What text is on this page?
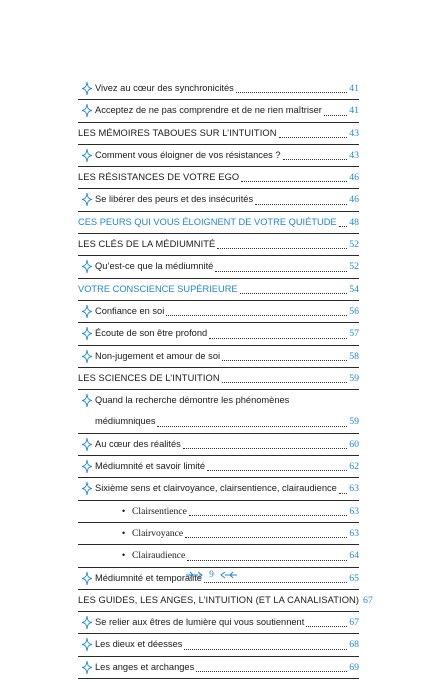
Vivez au cœur des synchronicités	41
Acceptez de ne pas comprendre et de ne rien maîtriser	41
LES MÉMOIRES TABOUES SUR L’INTUITION	43
Comment vous éloigner de vos résistances ?	43
LES RÉSISTANCES DE VOTRE EGO	46
Se libérer des peurs et des insécurités	46
CES PEURS QUI VOUS ÉLOIGNENT DE VOTRE QUIÉTUDE 48
LES CLÉS DE LA MÉDIUMNITÉ	52
Qu’est-ce que la médiumnité	52
VOTRE CONSCIENCE SUPÉRIEURE	54
Confiance en soi	56
Écoute de son être profond	57
Non-jugement et amour de soi	58
LES SCIENCES DE L’INTUITION	59
Quand la recherche démontre les phénomènes
médiumniques	59
Au cœur des réalités	60
Médiumnité et savoir limité	62
Sixième sens et clairvoyance, clairsentience, clairaudience 63
• Clairsentience	63
• Clairvoyance	63
• Clairaudience	64
Médiumnité et temporalité	65
LES GUIDES, LES ANGES, L’INTUITION (ET LA CANALISATION) 67
Se relier aux êtres de lumière qui vous soutiennent	67
Les dieux et déesses	68
Les anges et archanges	69
9
